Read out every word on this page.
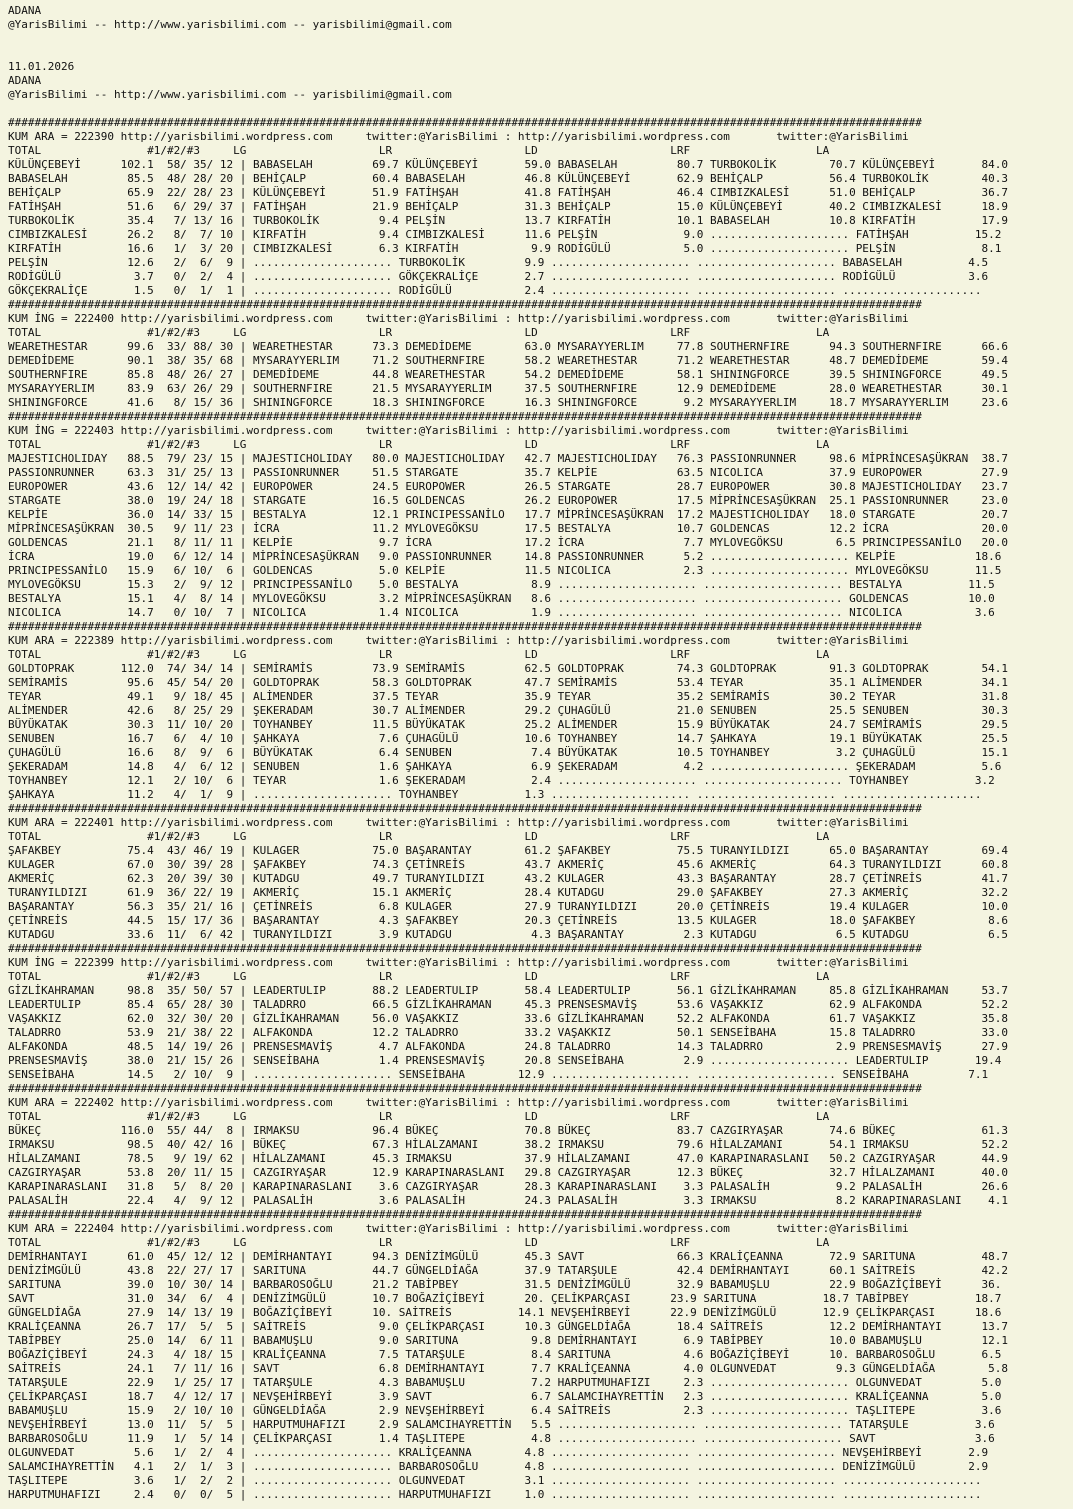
ADANA
@YarisBilimi -- http://www.yarisbilimi.com -- yarisbilimi@gmail.com
11.01.2026
ADANA
@YarisBilimi -- http://www.yarisbilimi.com -- yarisbilimi@gmail.com
##########################################################################################################################################
KUM ARA = 222390 http://yarisbilimi.wordpress.com     twitter:@YarisBilimi : http://yarisbilimi.wordpress.com       twitter:@YarisBilimi
TOTAL                #1/#2/#3     LG                    LR                    LD                    LRF                   LA
KÜLÜNÇEBEYİ      102.1  58/ 35/ 12 | BABASELAH         69.7 KÜLÜNÇEBEYİ       59.0 BABASELAH         80.7 TURBOKOLİK        70.7 KÜLÜNÇEBEYİ       84.0
BABASELAH         85.5  48/ 28/ 20 | BEHİÇALP          60.4 BABASELAH         46.8 KÜLÜNÇEBEYİ       62.9 BEHİÇALP          56.4 TURBOKOLİK        40.3
BEHİÇALP          65.9  22/ 28/ 23 | KÜLÜNÇEBEYİ       51.9 FATİHŞAH          41.8 FATİHŞAH          46.4 CIMBIZKALESİ      51.0 BEHİÇALP          36.7
FATİHŞAH          51.6   6/ 29/ 37 | FATİHŞAH          21.9 BEHİÇALP          31.3 BEHİÇALP          15.0 KÜLÜNÇEBEYİ       40.2 CIMBIZKALESİ      18.9
TURBOKOLİK        35.4   7/ 13/ 16 | TURBOKOLİK         9.4 PELŞİN            13.7 KIRFATİH          10.1 BABASELAH         10.8 KIRFATİH          17.9
CIMBIZKALESİ      26.2   8/  7/ 10 | KIRFATİH           9.4 CIMBIZKALESİ      11.6 PELŞİN             9.0 ..................... FATİHŞAH          15.2
KIRFATİH          16.6   1/  3/ 20 | CIMBIZKALESİ       6.3 KIRFATİH           9.9 RODİGÜLÜ           5.0 ..................... PELŞİN             8.1
PELŞİN            12.6   2/  6/  9 | ..................... TURBOKOLİK         9.9 ..................... ..................... BABASELAH          4.5
RODİGÜLÜ           3.7   0/  2/  4 | ..................... GÖKÇEKRALİÇE       2.7 ..................... ..................... RODİGÜLÜ           3.6
GÖKÇEKRALİÇE       1.5   0/  1/  1 | ..................... RODİGÜLÜ           2.4 ..................... ..................... .....................
##########################################################################################################################################
KUM İNG = 222400 http://yarisbilimi.wordpress.com     twitter:@YarisBilimi : http://yarisbilimi.wordpress.com       twitter:@YarisBilimi
TOTAL                #1/#2/#3     LG                    LR                    LD                    LRF                   LA
WEARETHESTAR      99.6  33/ 88/ 30 | WEARETHESTAR      73.3 DEMEDİDEME        63.0 MYSARAYYERLIM     77.8 SOUTHERNFIRE      94.3 SOUTHERNFIRE      66.6
DEMEDİDEME        90.1  38/ 35/ 68 | MYSARAYYERLIM     71.2 SOUTHERNFIRE      58.2 WEARETHESTAR      71.2 WEARETHESTAR      48.7 DEMEDİDEME        59.4
SOUTHERNFIRE      85.8  48/ 26/ 27 | DEMEDİDEME        44.8 WEARETHESTAR      54.2 DEMEDİDEME        58.1 SHININGFORCE      39.5 SHININGFORCE      49.5
MYSARAYYERLIM     83.9  63/ 26/ 29 | SOUTHERNFIRE      21.5 MYSARAYYERLIM     37.5 SOUTHERNFIRE      12.9 DEMEDİDEME        28.0 WEARETHESTAR      30.1
SHININGFORCE      41.6   8/ 15/ 36 | SHININGFORCE      18.3 SHININGFORCE      16.3 SHININGFORCE       9.2 MYSARAYYERLIM     18.7 MYSARAYYERLIM     23.6
##########################################################################################################################################
KUM İNG = 222403 http://yarisbilimi.wordpress.com     twitter:@YarisBilimi : http://yarisbilimi.wordpress.com       twitter:@YarisBilimi
TOTAL                #1/#2/#3     LG                    LR                    LD                    LRF                   LA
MAJESTICHOLIDAY   88.5  79/ 23/ 15 | MAJESTICHOLIDAY   80.0 MAJESTICHOLIDAY   42.7 MAJESTICHOLIDAY   76.3 PASSIONRUNNER     98.6 MİPRİNCESAŞÜKRAN  38.7
PASSIONRUNNER     63.3  31/ 25/ 13 | PASSIONRUNNER     51.5 STARGATE          35.7 KELPİE            63.5 NICOLICA          37.9 EUROPOWER         27.9
EUROPOWER         43.6  12/ 14/ 42 | EUROPOWER         24.5 EUROPOWER         26.5 STARGATE          28.7 EUROPOWER         30.8 MAJESTICHOLIDAY   23.7
STARGATE          38.0  19/ 24/ 18 | STARGATE          16.5 GOLDENCAS         26.2 EUROPOWER         17.5 MİPRİNCESAŞÜKRAN  25.1 PASSIONRUNNER     23.0
KELPİE            36.0  14/ 33/ 15 | BESTALYA          12.1 PRINCIPESSANİLO   17.7 MİPRİNCESAŞÜKRAN  17.2 MAJESTICHOLIDAY   18.0 STARGATE          20.7
MİPRİNCESAŞÜKRAN  30.5   9/ 11/ 23 | İCRA              11.2 MYLOVEGÖKSU       17.5 BESTALYA          10.7 GOLDENCAS         12.2 İCRA              20.0
GOLDENCAS         21.1   8/ 11/ 11 | KELPİE             9.7 İCRA              17.2 İCRA               7.7 MYLOVEGÖKSU        6.5 PRINCIPESSANİLO   20.0
İCRA              19.0   6/ 12/ 14 | MİPRİNCESAŞÜKRAN   9.0 PASSIONRUNNER     14.8 PASSIONRUNNER      5.2 ..................... KELPİE            18.6
PRINCIPESSANİLO   15.9   6/ 10/  6 | GOLDENCAS          5.0 KELPİE            11.5 NICOLICA           2.3 ..................... MYLOVEGÖKSU       11.5
MYLOVEGÖKSU       15.3   2/  9/ 12 | PRINCIPESSANİLO    5.0 BESTALYA           8.9 ..................... ..................... BESTALYA          11.5
BESTALYA          15.1   4/  8/ 14 | MYLOVEGÖKSU        3.2 MİPRİNCESAŞÜKRAN   8.6 ..................... ..................... GOLDENCAS         10.0
NICOLICA          14.7   0/ 10/  7 | NICOLICA           1.4 NICOLICA           1.9 ..................... ..................... NICOLICA           3.6
##########################################################################################################################################
KUM ARA = 222389 http://yarisbilimi.wordpress.com     twitter:@YarisBilimi : http://yarisbilimi.wordpress.com       twitter:@YarisBilimi
TOTAL                #1/#2/#3     LG                    LR                    LD                    LRF                   LA
GOLDTOPRAK       112.0  74/ 34/ 14 | SEMİRAMİS         73.9 SEMİRAMİS         62.5 GOLDTOPRAK        74.3 GOLDTOPRAK        91.3 GOLDTOPRAK        54.1
SEMİRAMİS         95.6  45/ 54/ 20 | GOLDTOPRAK        58.3 GOLDTOPRAK        47.7 SEMİRAMİS         53.4 TEYAR             35.1 ALİMENDER         34.1
TEYAR             49.1   9/ 18/ 45 | ALİMENDER         37.5 TEYAR             35.9 TEYAR             35.2 SEMİRAMİS         30.2 TEYAR             31.8
ALİMENDER         42.6   8/ 25/ 29 | ŞEKERADAM         30.7 ALİMENDER         29.2 ÇUHAGÜLÜ          21.0 SENUBEN           25.5 SENUBEN           30.3
BÜYÜKATAK         30.3  11/ 10/ 20 | TOYHANBEY         11.5 BÜYÜKATAK         25.2 ALİMENDER         15.9 BÜYÜKATAK         24.7 SEMİRAMİS         29.5
SENUBEN           16.7   6/  4/ 10 | ŞAHKAYA            7.6 ÇUHAGÜLÜ          10.6 TOYHANBEY         14.7 ŞAHKAYA           19.1 BÜYÜKATAK         25.5
ÇUHAGÜLÜ          16.6   8/  9/  6 | BÜYÜKATAK          6.4 SENUBEN            7.4 BÜYÜKATAK         10.5 TOYHANBEY          3.2 ÇUHAGÜLÜ          15.1
ŞEKERADAM         14.8   4/  6/ 12 | SENUBEN            1.6 ŞAHKAYA            6.9 ŞEKERADAM          4.2 ..................... ŞEKERADAM          5.6
TOYHANBEY         12.1   2/ 10/  6 | TEYAR              1.6 ŞEKERADAM          2.4 ..................... ..................... TOYHANBEY          3.2
ŞAHKAYA           11.2   4/  1/  9 | ..................... TOYHANBEY          1.3 ..................... ..................... .....................
##########################################################################################################################################
KUM ARA = 222401 http://yarisbilimi.wordpress.com     twitter:@YarisBilimi : http://yarisbilimi.wordpress.com       twitter:@YarisBilimi
TOTAL                #1/#2/#3     LG                    LR                    LD                    LRF                   LA
ŞAFAKBEY          75.4  43/ 46/ 19 | KULAGER           75.0 BAŞARANTAY        61.2 ŞAFAKBEY          75.5 TURANYILDIZI      65.0 BAŞARANTAY        69.4
KULAGER           67.0  30/ 39/ 28 | ŞAFAKBEY          74.3 ÇETİNREİS         43.7 AKMERİÇ           45.6 AKMERİÇ           64.3 TURANYILDIZI      60.8
AKMERİÇ           62.3  20/ 39/ 30 | KUTADGU           49.7 TURANYILDIZI      43.2 KULAGER           43.3 BAŞARANTAY        28.7 ÇETİNREİS         41.7
TURANYILDIZI      61.9  36/ 22/ 19 | AKMERİÇ           15.1 AKMERİÇ           28.4 KUTADGU           29.0 ŞAFAKBEY          27.3 AKMERİÇ           32.2
BAŞARANTAY        56.3  35/ 21/ 16 | ÇETİNREİS          6.8 KULAGER           27.9 TURANYILDIZI      20.0 ÇETİNREİS         19.4 KULAGER           10.0
ÇETİNREİS         44.5  15/ 17/ 36 | BAŞARANTAY         4.3 ŞAFAKBEY          20.3 ÇETİNREİS         13.5 KULAGER           18.0 ŞAFAKBEY           8.6
KUTADGU           33.6  11/  6/ 42 | TURANYILDIZI       3.9 KUTADGU            4.3 BAŞARANTAY         2.3 KUTADGU            6.5 KUTADGU            6.5
##########################################################################################################################################
KUM İNG = 222399 http://yarisbilimi.wordpress.com     twitter:@YarisBilimi : http://yarisbilimi.wordpress.com       twitter:@YarisBilimi
TOTAL                #1/#2/#3     LG                    LR                    LD                    LRF                   LA
GİZLİKAHRAMAN     98.8  35/ 50/ 57 | LEADERTULIP       88.2 LEADERTULIP       58.4 LEADERTULIP       56.1 GİZLİKAHRAMAN     85.8 GİZLİKAHRAMAN     53.7
LEADERTULIP       85.4  65/ 28/ 30 | TALADRRO          66.5 GİZLİKAHRAMAN     45.3 PRENSESMAVİŞ      53.6 VAŞAKKIZ          62.9 ALFAKONDA         52.2
VAŞAKKIZ          62.0  32/ 30/ 20 | GİZLİKAHRAMAN     56.0 VAŞAKKIZ          33.6 GİZLİKAHRAMAN     52.2 ALFAKONDA         61.7 VAŞAKKIZ          35.8
TALADRRO          53.9  21/ 38/ 22 | ALFAKONDA         12.2 TALADRRO          33.2 VAŞAKKIZ          50.1 SENSEİBAHA        15.8 TALADRRO          33.0
ALFAKONDA         48.5  14/ 19/ 26 | PRENSESMAVİŞ       4.7 ALFAKONDA         24.8 TALADRRO          14.3 TALADRRO           2.9 PRENSESMAVİŞ      27.9
PRENSESMAVİŞ      38.0  21/ 15/ 26 | SENSEİBAHA         1.4 PRENSESMAVİŞ      20.8 SENSEİBAHA         2.9 ..................... LEADERTULIP       19.4
SENSEİBAHA        14.5   2/ 10/  9 | ..................... SENSEİBAHA        12.9 ..................... ..................... SENSEİBAHA         7.1
##########################################################################################################################################
KUM ARA = 222402 http://yarisbilimi.wordpress.com     twitter:@YarisBilimi : http://yarisbilimi.wordpress.com       twitter:@YarisBilimi
TOTAL                #1/#2/#3     LG                    LR                    LD                    LRF                   LA
BÜKEÇ            116.0  55/ 44/  8 | IRMAKSU           96.4 BÜKEÇ             70.8 BÜKEÇ             83.7 CAZGIRYAŞAR       74.6 BÜKEÇ             61.3
IRMAKSU           98.5  40/ 42/ 16 | BÜKEÇ             67.3 HİLALZAMANI       38.2 IRMAKSU           79.6 HİLALZAMANI       54.1 IRMAKSU           52.2
HİLALZAMANI       78.5   9/ 19/ 62 | HİLALZAMANI       45.3 IRMAKSU           37.9 HİLALZAMANI       47.0 KARAPINARASLANI   50.2 CAZGIRYAŞAR       44.9
CAZGIRYAŞAR       53.8  20/ 11/ 15 | CAZGIRYAŞAR       12.9 KARAPINARASLANI   29.8 CAZGIRYAŞAR       12.3 BÜKEÇ             32.7 HİLALZAMANI       40.0
KARAPINARASLANI   31.8   5/  8/ 20 | KARAPINARASLANI    3.6 CAZGIRYAŞAR       28.3 KARAPINARASLANI    3.3 PALASALİH          9.2 PALASALİH         26.6
PALASALİH         22.4   4/  9/ 12 | PALASALİH          3.6 PALASALİH         24.3 PALASALİH          3.3 IRMAKSU            8.2 KARAPINARASLANI    4.1
##########################################################################################################################################
KUM ARA = 222404 http://yarisbilimi.wordpress.com     twitter:@YarisBilimi : http://yarisbilimi.wordpress.com       twitter:@YarisBilimi
TOTAL                #1/#2/#3     LG                    LR                    LD                    LRF                   LA
DEMİRHANTAYI      61.0  45/ 12/ 12 | DEMİRHANTAYI      94.3 DENİZİMGÜLÜ       45.3 SAVT              66.3 KRALİÇEANNA       72.9 SARITUNA          48.7
DENİZİMGÜLÜ       43.8  22/ 27/ 17 | SARITUNA          44.7 GÜNGELDİAĞA       37.9 TATARŞULE         42.4 DEMİRHANTAYI      60.1 SAİTREİS          42.2
SARITUNA          39.0  10/ 30/ 14 | BARBAROSOĞLU      21.2 TABİPBEY          31.5 DENİZİMGÜLÜ       32.9 BABAMUŞLU         22.9 BOĞAZİÇİBEYİ      36.
SAVT              31.0  34/  6/  4 | DENİZİMGÜLÜ       10.7 BOĞAZİÇİBEYİ      20. ÇELİKPARÇASI      23.9 SARITUNA          18.7 TABİPBEY          18.7
GÜNGELDİAĞA       27.9  14/ 13/ 19 | BOĞAZİÇİBEYİ      10. SAİTREİS          14.1 NEVŞEHİRBEYİ      22.9 DENİZİMGÜLÜ       12.9 ÇELİKPARÇASI      18.6
KRALİÇEANNA       26.7  17/  5/  5 | SAİTREİS           9.0 ÇELİKPARÇASI      10.3 GÜNGELDİAĞA       18.4 SAİTREİS          12.2 DEMİRHANTAYI      13.7
TABİPBEY          25.0  14/  6/ 11 | BABAMUŞLU          9.0 SARITUNA           9.8 DEMİRHANTAYI       6.9 TABİPBEY          10.0 BABAMUŞLU         12.1
BOĞAZİÇİBEYİ      24.3   4/ 18/ 15 | KRALİÇEANNA        7.5 TATARŞULE          8.4 SARITUNA           4.6 BOĞAZİÇİBEYİ      10. BARBAROSOĞLU       6.5
SAİTREİS          24.1   7/ 11/ 16 | SAVT               6.8 DEMİRHANTAYI       7.7 KRALİÇEANNA        4.0 OLGUNVEDAT         9.3 GÜNGELDİAĞA        5.8
TATARŞULE         22.9   1/ 25/ 17 | TATARŞULE          4.3 BABAMUŞLU          7.2 HARPUTMUHAFIZI     2.3 ..................... OLGUNVEDAT         5.0
ÇELİKPARÇASI      18.7   4/ 12/ 17 | NEVŞEHİRBEYİ       3.9 SAVT               6.7 SALAMCIHAYRETTİN   2.3 ..................... KRALİÇEANNA        5.0
BABAMUŞLU         15.9   2/ 10/ 10 | GÜNGELDİAĞA        2.9 NEVŞEHİRBEYİ       6.4 SAİTREİS           2.3 ..................... TAŞLITEPE          3.6
NEVŞEHİRBEYİ      13.0  11/  5/  5 | HARPUTMUHAFIZI     2.9 SALAMCIHAYRETTİN   5.5 ..................... ..................... TATARŞULE          3.6
BARBAROSOĞLU      11.9   1/  5/ 14 | ÇELİKPARÇASI       1.4 TAŞLITEPE          4.8 ..................... ..................... SAVT               3.6
OLGUNVEDAT         5.6   1/  2/  4 | ..................... KRALİÇEANNA        4.8 ..................... ..................... NEVŞEHİRBEYİ       2.9
SALAMCIHAYRETTİN   4.1   2/  1/  3 | ..................... BARBAROSOĞLU       4.8 ..................... ..................... DENİZİMGÜLÜ        2.9
TAŞLITEPE          3.6   1/  2/  2 | ..................... OLGUNVEDAT         3.1 ..................... ..................... .....................
HARPUTMUHAFIZI     2.4   0/  0/  5 | ..................... HARPUTMUHAFIZI     1.0 ..................... ..................... .....................
